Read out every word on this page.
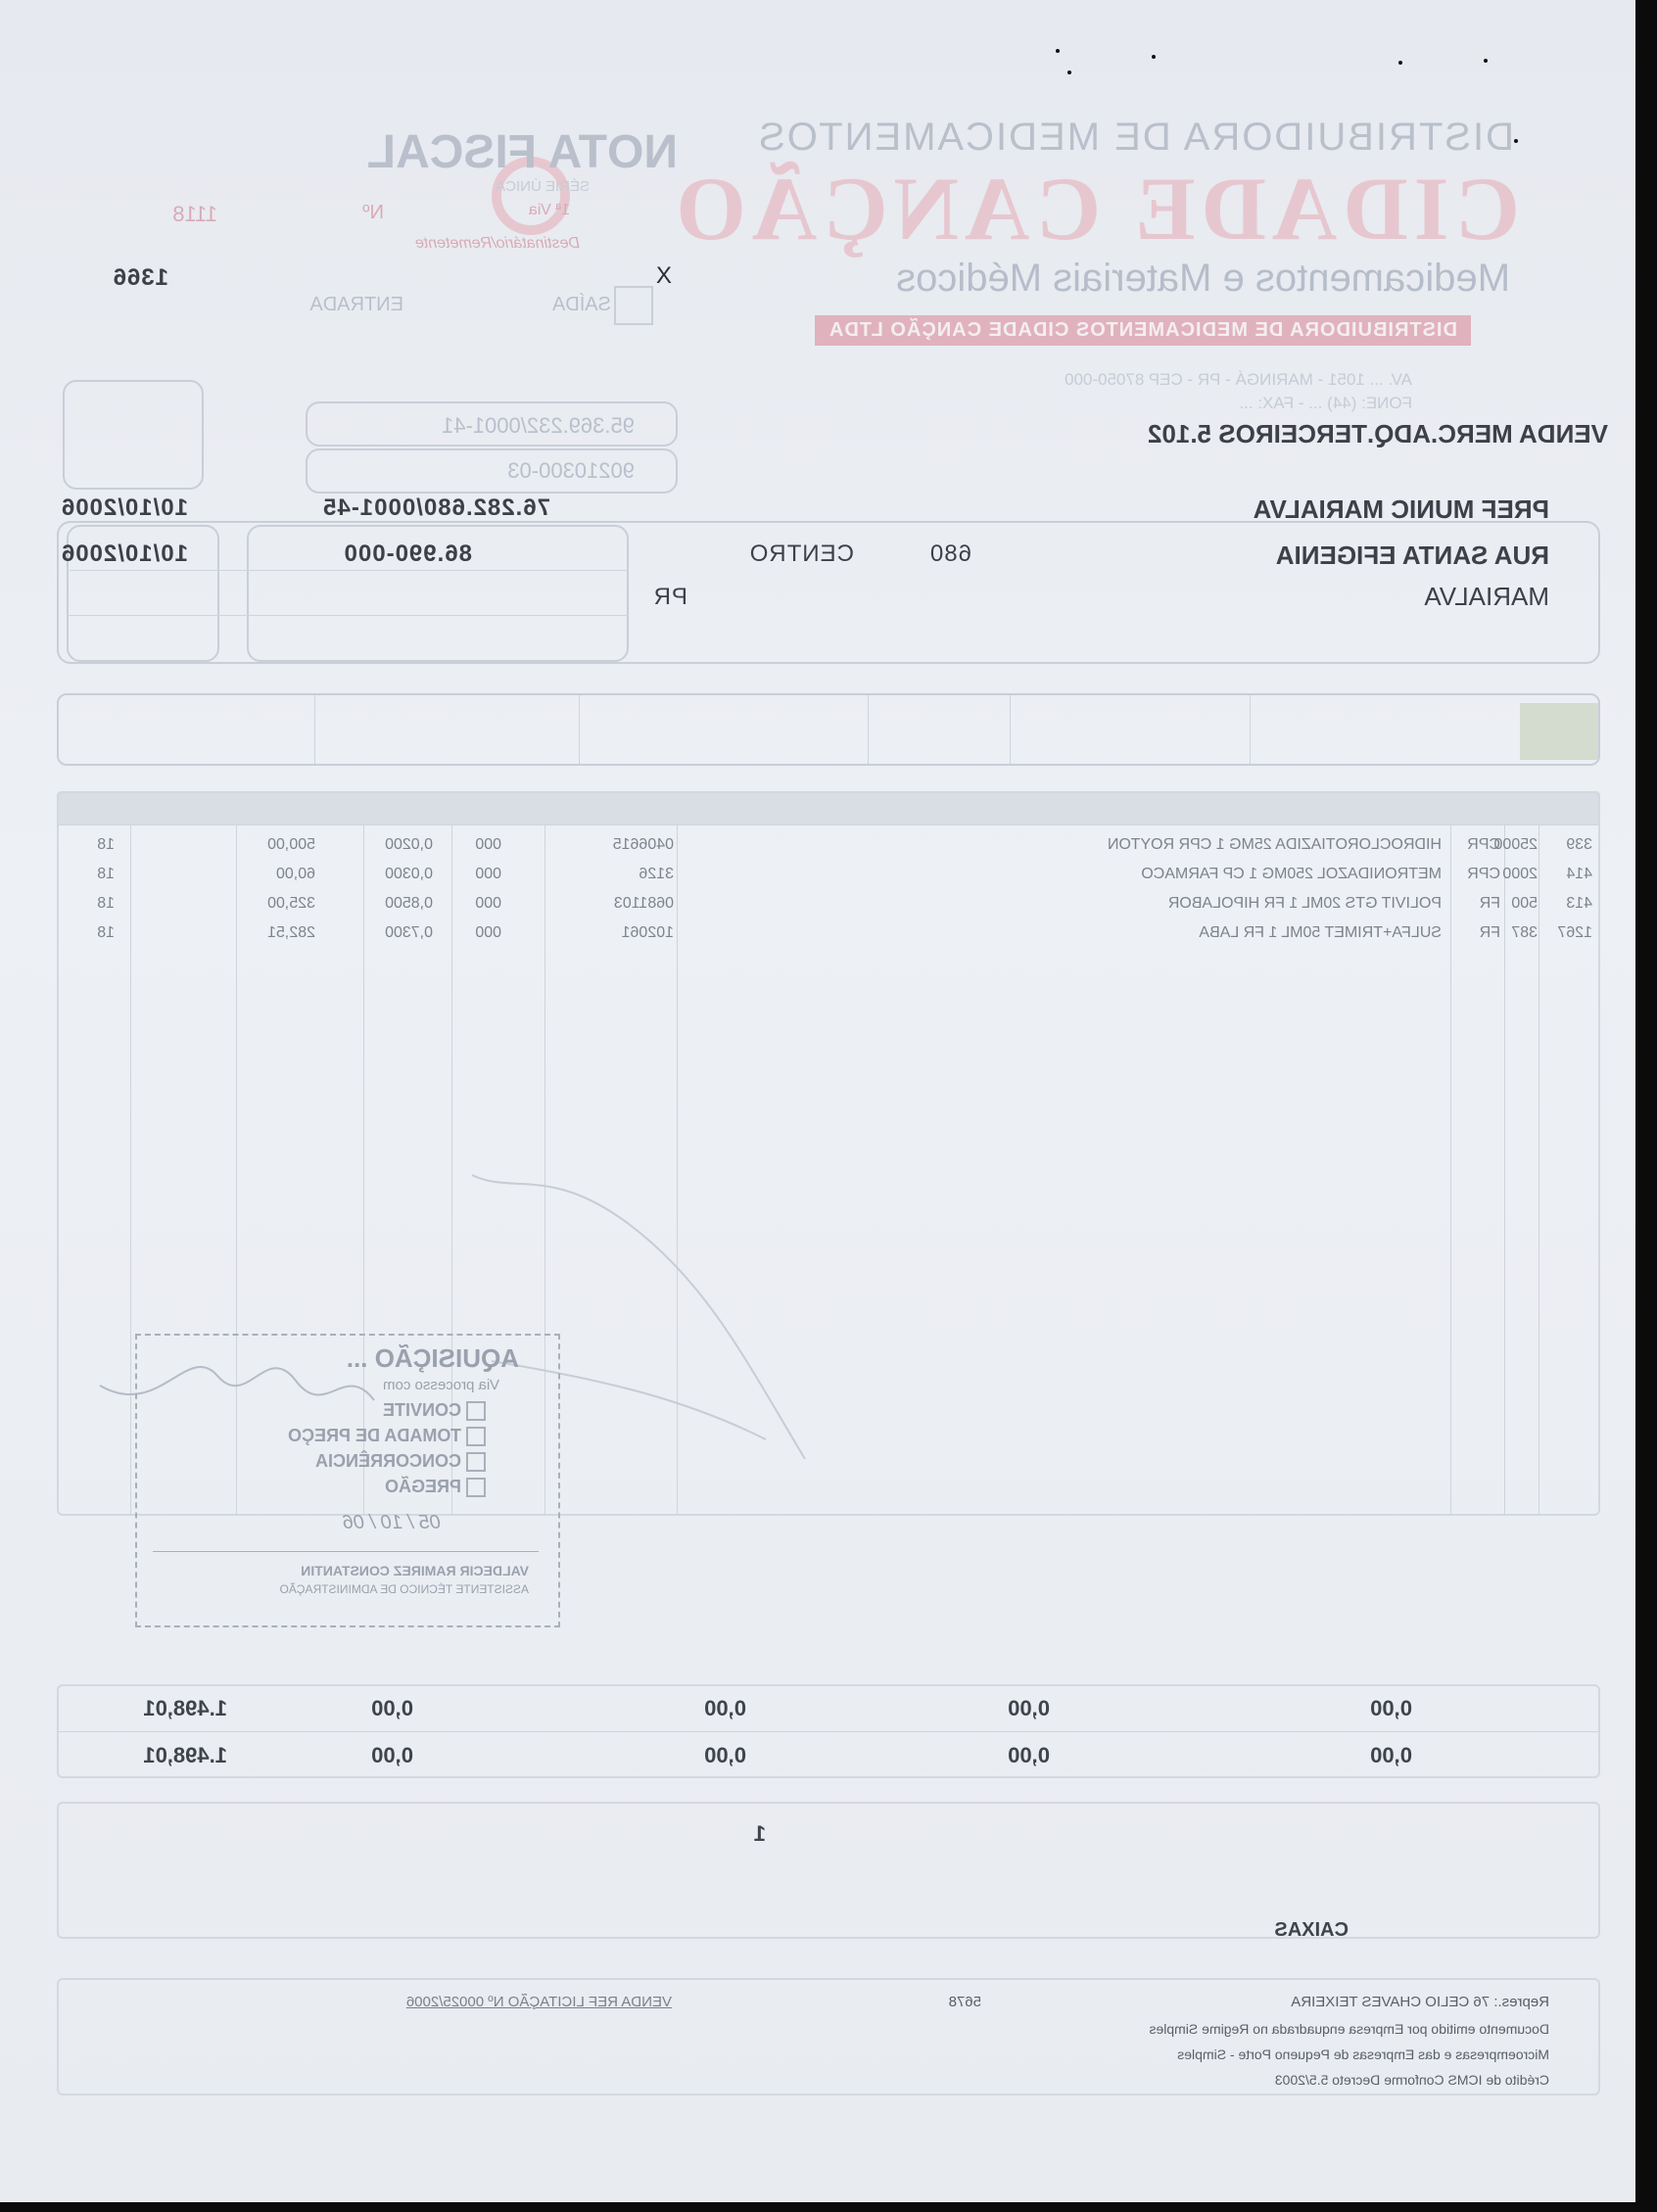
DISTRIBUIDORA DE MEDICAMENTOS
CIDADE CANÇÃO
Medicamentos e Materiais Médicos
DISTRIBUIDORA DE MEDICAMENTOS CIDADE CANÇÃO LTDA
AV. ... 1051 - MARINGÁ - PR - CEP 87050-000
FONE: (44) ... - FAX: ...
NOTA FISCAL
SÉRIE ÚNICA
1ª Via
Destinatário/Remetente
Nº
1118
1366
SAÍDA
X
ENTRADA
VENDA MERC.ADQ.TERCEIROS 5.102
95.369.232/0001-41
90210300-03
PREF MUNIC MARIALVA
76.282.680/0001-45
10/10/2006
RUA SANTA EFIGENIA
680
CENTRO
86.990-000
10/10/2006
MARIALVA
PR
339
25000
CPR
HIDROCLOROTIAZIDA 25MG 1 CPR ROYTON
0406615
000
0,0200
500,00
18
414
2000
CPR
METRONIDAZOL 250MG 1 CP FARMACO
3126
000
0,0300
60,00
18
413
500
FR
POLIVIT GTS 20ML 1 FR HIPOLABOR
0681103
000
0,8500
325,00
18
1267
387
FR
SULFA+TRIMET 50ML 1 FR LABA
102061
000
0,7300
282,51
18
AQUISIÇÃO ...
Via processo com
CONVITE
TOMADA DE PREÇO
CONCORRÊNCIA
PREGÃO
05 / 10 / 06
VALDECIR RAMIREZ CONSTANTIN
ASSISTENTE TÉCNICO DE ADMINISTRAÇÃO
0,00
0,00
0,00
0,00
1.498,01
0,00
0,00
0,00
0,00
1.498,01
1
CAIXAS
Repres.: 76 CELIO CHAVES TEIXEIRA
5678
VENDA REF LICITAÇÃO Nº 00025/2006
Documento emitido por Empresa enquadrada no Regime Simples
Microempresas e das Empresas de Pequeno Porte - Simples
Crédito de ICMS Conforme Decreto 5.5/2003
